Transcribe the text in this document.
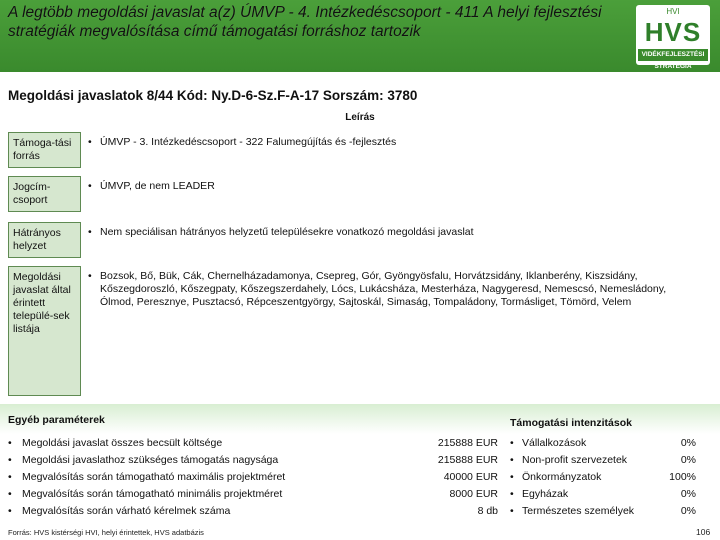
A legtöbb megoldási javaslat a(z) ÚMVP - 4. Intézkedéscsoport - 411 A helyi fejlesztési stratégiák megvalósítása című támogatási forráshoz tartozik
HVI
HVS
VIDÉKFEJLESZTÉSI STRATÉGIA
Megoldási javaslatok 8/44 Kód: Ny.D-6-Sz.F-A-17 Sorszám: 3780
Leírás
Támoga-tási forrás
• ÚMVP - 3. Intézkedéscsoport - 322 Falumegújítás és -fejlesztés
Jogcím-csoport
• ÚMVP, de nem LEADER
Hátrányos helyzet
• Nem speciálisan hátrányos helyzetű településekre vonatkozó megoldási javaslat
Megoldási javaslat által érintett települé-sek listája
• Bozsok, Bő, Bük, Cák, Chernelházadamonya, Csepreg, Gór, Gyöngyösfalu, Horvátzsidány, Iklanberény, Kiszsidány, Kőszegdoroszló, Kőszegpaty, Kőszegszerdahely, Lócs, Lukácsháza, Mesterháza, Nagygeresd, Nemescsó, Nemesládony, Ólmod, Peresznye, Pusztacsó, Répceszentgyörgy, Sajtoskál, Simaság, Tompaládony, Tormásliget, Tömörd, Velem
Egyéb paraméterek	Támogatási intenzitások
• Megoldási javaslat összes becsült költsége	215888 EUR
• Megoldási javaslathoz szükséges támogatás nagysága	215888 EUR
• Megvalósítás során támogatható maximális projektméret	40000 EUR
• Megvalósítás során támogatható minimális projektméret	8000 EUR
• Megvalósítás során várható kérelmek száma	8 db
• Vállalkozások	0%
• Non-profit szervezetek	0%
• Önkormányzatok	100%
• Egyházak	0%
• Természetes személyek	0%
Forrás: HVS kistérségi HVI, helyi érintettek, HVS adatbázis	106
